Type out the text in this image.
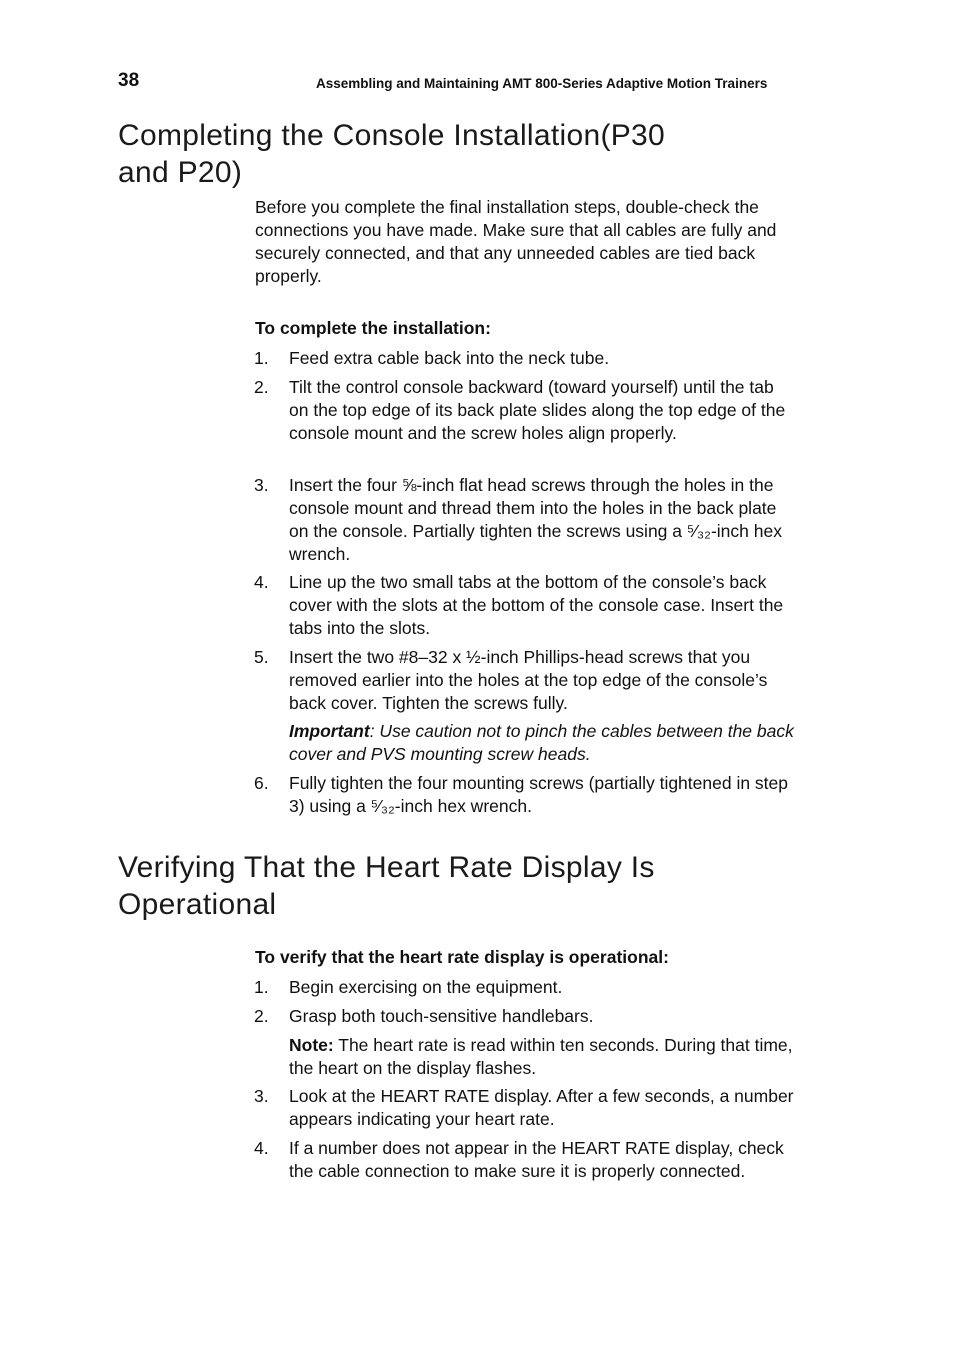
38	Assembling and Maintaining AMT 800-Series Adaptive Motion Trainers
Completing the Console Installation(P30
and P20)

Before you complete the final installation steps, double-check the connections you have made. Make sure that all cables are fully and securely connected, and that any unneeded cables are tied back properly.

To complete the installation:

1. Feed extra cable back into the neck tube.
2. Tilt the control console backward (toward yourself) until the tab on the top edge of its back plate slides along the top edge of the console mount and the screw holes align properly.
3. Insert the four ⅝-inch flat head screws through the holes in the console mount and thread them into the holes in the back plate on the console. Partially tighten the screws using a ⁵⁄₃₂-inch hex wrench.
4. Line up the two small tabs at the bottom of the console’s back cover with the slots at the bottom of the console case. Insert the tabs into the slots.
5. Insert the two #8–32 x ½-inch Phillips-head screws that you removed earlier into the holes at the top edge of the console’s back cover. Tighten the screws fully.
Important: Use caution not to pinch the cables between the back cover and PVS mounting screw heads.
6. Fully tighten the four mounting screws (partially tightened in step 3) using a ⁵⁄₃₂-inch hex wrench.
Verifying That the Heart Rate Display Is
Operational

To verify that the heart rate display is operational:

1. Begin exercising on the equipment.
2. Grasp both touch-sensitive handlebars.
Note: The heart rate is read within ten seconds. During that time, the heart on the display flashes.
3. Look at the HEART RATE display. After a few seconds, a number appears indicating your heart rate.
4. If a number does not appear in the HEART RATE display, check the cable connection to make sure it is properly connected.
